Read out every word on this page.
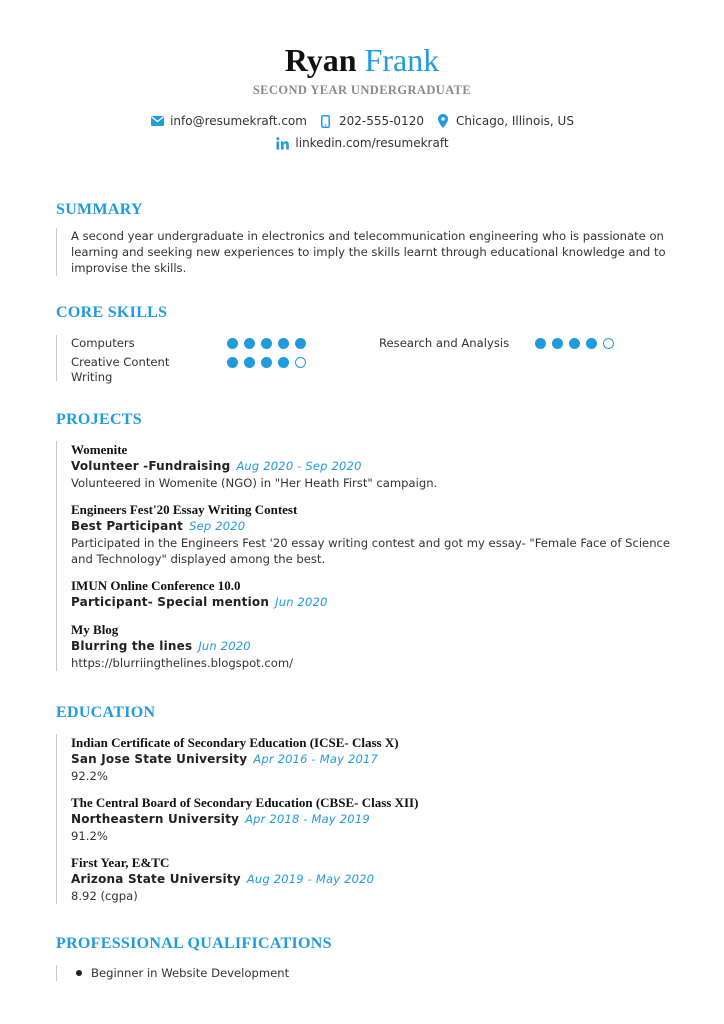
Ryan Frank
SECOND YEAR UNDERGRADUATE
info@resumekraft.com	202-555-0120	Chicago, Illinois, US
linkedin.com/resumekraft
SUMMARY
A second year undergraduate in electronics and telecommunication engineering who is passionate on learning and seeking new experiences to imply the skills learnt through educational knowledge and to improvise the skills.
CORE SKILLS
Computers	Research and Analysis
Creative Content Writing
PROJECTS
Womenite
Volunteer -Fundraising Aug 2020 - Sep 2020
Volunteered in Womenite (NGO) in "Her Heath First" campaign.
Engineers Fest'20 Essay Writing Contest
Best Participant Sep 2020
Participated in the Engineers Fest '20 essay writing contest and got my essay- "Female Face of Science and Technology" displayed among the best.
IMUN Online Conference 10.0
Participant- Special mention Jun 2020
My Blog
Blurring the lines Jun 2020
https://blurriingthelines.blogspot.com/
EDUCATION
Indian Certificate of Secondary Education (ICSE- Class X)
San Jose State University Apr 2016 - May 2017
92.2%
The Central Board of Secondary Education (CBSE- Class XII)
Northeastern University Apr 2018 - May 2019
91.2%
First Year, E&TC
Arizona State University Aug 2019 - May 2020
8.92 (cgpa)
PROFESSIONAL QUALIFICATIONS
Beginner in Website Development
